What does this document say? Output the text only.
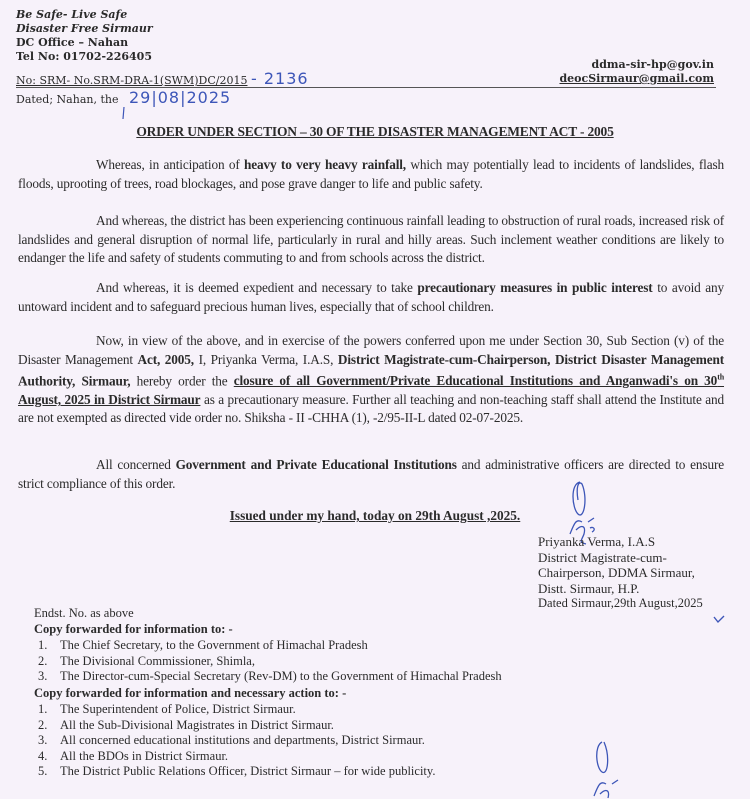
Be Safe- Live Safe
Disaster Free Sirmaur
DC Office – Nahan
Tel No: 01702-226405
ddma-sir-hp@gov.in
deocSirmaur@gmail.com
No: SRM- No.SRM-DRA-1(SWM)DC/2015 - 2136
Dated; Nahan, the 29|08|2025
ORDER UNDER SECTION – 30 OF THE DISASTER MANAGEMENT ACT - 2005
Whereas, in anticipation of heavy to very heavy rainfall, which may potentially lead to incidents of landslides, flash floods, uprooting of trees, road blockages, and pose grave danger to life and public safety.
And whereas, the district has been experiencing continuous rainfall leading to obstruction of rural roads, increased risk of landslides and general disruption of normal life, particularly in rural and hilly areas. Such inclement weather conditions are likely to endanger the life and safety of students commuting to and from schools across the district.
And whereas, it is deemed expedient and necessary to take precautionary measures in public interest to avoid any untoward incident and to safeguard precious human lives, especially that of school children.
Now, in view of the above, and in exercise of the powers conferred upon me under Section 30, Sub Section (v) of the Disaster Management Act, 2005, I, Priyanka Verma, I.A.S, District Magistrate-cum-Chairperson, District Disaster Management Authority, Sirmaur, hereby order the closure of all Government/Private Educational Institutions and Anganwadi's on 30th August, 2025 in District Sirmaur as a precautionary measure. Further all teaching and non-teaching staff shall attend the Institute and are not exempted as directed vide order no. Shiksha - II -CHHA (1), -2/95-II-L dated 02-07-2025.
All concerned Government and Private Educational Institutions and administrative officers are directed to ensure strict compliance of this order.
Issued under my hand, today on 29th August ,2025.
Priyanka Verma, I.A.S
District Magistrate-cum-
Chairperson, DDMA Sirmaur,
Distt. Sirmaur, H.P.
Dated Sirmaur,29th August,2025
Endst. No. as above
Copy forwarded for information to: -
1.	The Chief Secretary, to the Government of Himachal Pradesh
2.	The Divisional Commissioner, Shimla,
3.	The Director-cum-Special Secretary (Rev-DM) to the Government of Himachal Pradesh
Copy forwarded for information and necessary action to: -
1.	The Superintendent of Police, District Sirmaur.
2.	All the Sub-Divisional Magistrates in District Sirmaur.
3.	All concerned educational institutions and departments, District Sirmaur.
4.	All the BDOs in District Sirmaur.
5.	The District Public Relations Officer, District Sirmaur – for wide publicity.
